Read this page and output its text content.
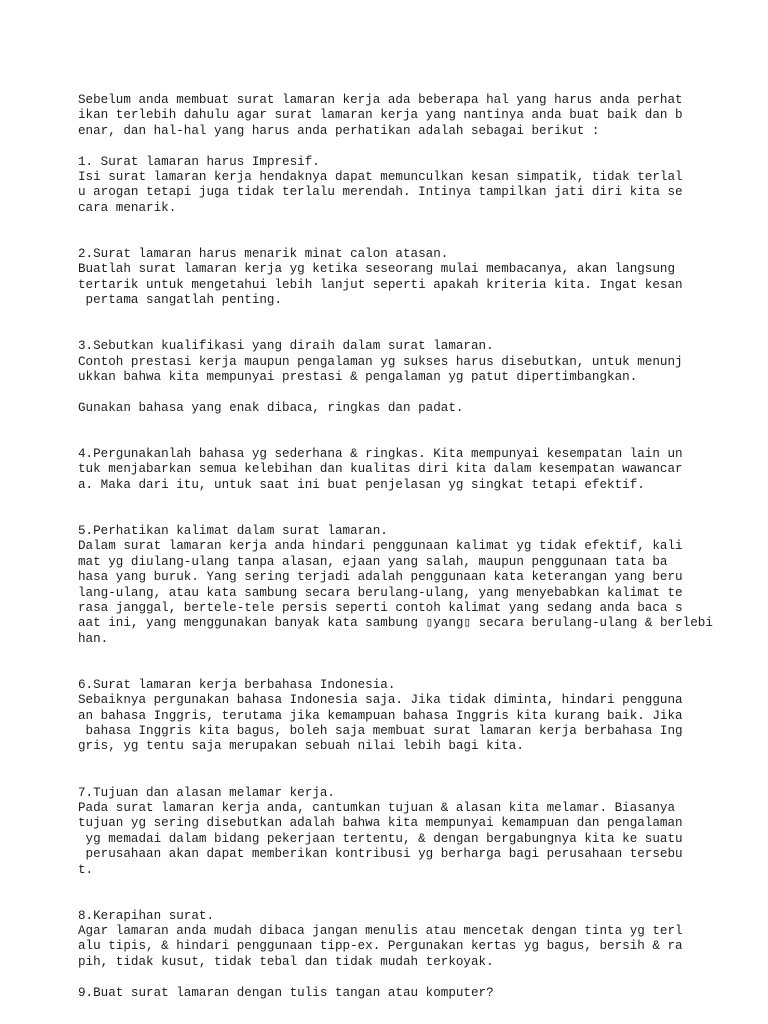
Sebelum anda membuat surat lamaran kerja ada beberapa hal yang harus anda perhat
ikan terlebih dahulu agar surat lamaran kerja yang nantinya anda buat baik dan b
enar, dan hal-hal yang harus anda perhatikan adalah sebagai berikut :
1. Surat lamaran harus Impresif.
Isi surat lamaran kerja hendaknya dapat memunculkan kesan simpatik, tidak terlal
u arogan tetapi juga tidak terlalu merendah. Intinya tampilkan jati diri kita se
cara menarik.
2.Surat lamaran harus menarik minat calon atasan.
Buatlah surat lamaran kerja yg ketika seseorang mulai membacanya, akan langsung
tertarik untuk mengetahui lebih lanjut seperti apakah kriteria kita. Ingat kesan
pertama sangatlah penting.
3.Sebutkan kualifikasi yang diraih dalam surat lamaran.
Contoh prestasi kerja maupun pengalaman yg sukses harus disebutkan, untuk menunj
ukkan bahwa kita mempunyai prestasi & pengalaman yg patut dipertimbangkan.
Gunakan bahasa yang enak dibaca, ringkas dan padat.
4.Pergunakanlah bahasa yg sederhana & ringkas. Kita mempunyai kesempatan lain un
tuk menjabarkan semua kelebihan dan kualitas diri kita dalam kesempatan wawancar
a. Maka dari itu, untuk saat ini buat penjelasan yg singkat tetapi efektif.
5.Perhatikan kalimat dalam surat lamaran.
Dalam surat lamaran kerja anda hindari penggunaan kalimat yg tidak efektif, kali
mat yg diulang-ulang tanpa alasan, ejaan yang salah, maupun penggunaan tata ba
hasa yang buruk. Yang sering terjadi adalah penggunaan kata keterangan yang beru
lang-ulang, atau kata sambung secara berulang-ulang, yang menyebabkan kalimat te
rasa janggal, bertele-tele persis seperti contoh kalimat yang sedang anda baca s
aat ini, yang menggunakan banyak kata sambung ▯yang▯ secara berulang-ulang & berlebi
han.
6.Surat lamaran kerja berbahasa Indonesia.
Sebaiknya pergunakan bahasa Indonesia saja. Jika tidak diminta, hindari pengguna
an bahasa Inggris, terutama jika kemampuan bahasa Inggris kita kurang baik. Jika
bahasa Inggris kita bagus, boleh saja membuat surat lamaran kerja berbahasa Ing
gris, yg tentu saja merupakan sebuah nilai lebih bagi kita.
7.Tujuan dan alasan melamar kerja.
Pada surat lamaran kerja anda, cantumkan tujuan & alasan kita melamar. Biasanya
tujuan yg sering disebutkan adalah bahwa kita mempunyai kemampuan dan pengalaman
yg memadai dalam bidang pekerjaan tertentu, & dengan bergabungnya kita ke suatu
perusahaan akan dapat memberikan kontribusi yg berharga bagi perusahaan tersebu
t.
8.Kerapihan surat.
Agar lamaran anda mudah dibaca jangan menulis atau mencetak dengan tinta yg terl
alu tipis, & hindari penggunaan tipp-ex. Pergunakan kertas yg bagus, bersih & ra
pih, tidak kusut, tidak tebal dan tidak mudah terkoyak.
9.Buat surat lamaran dengan tulis tangan atau komputer?
